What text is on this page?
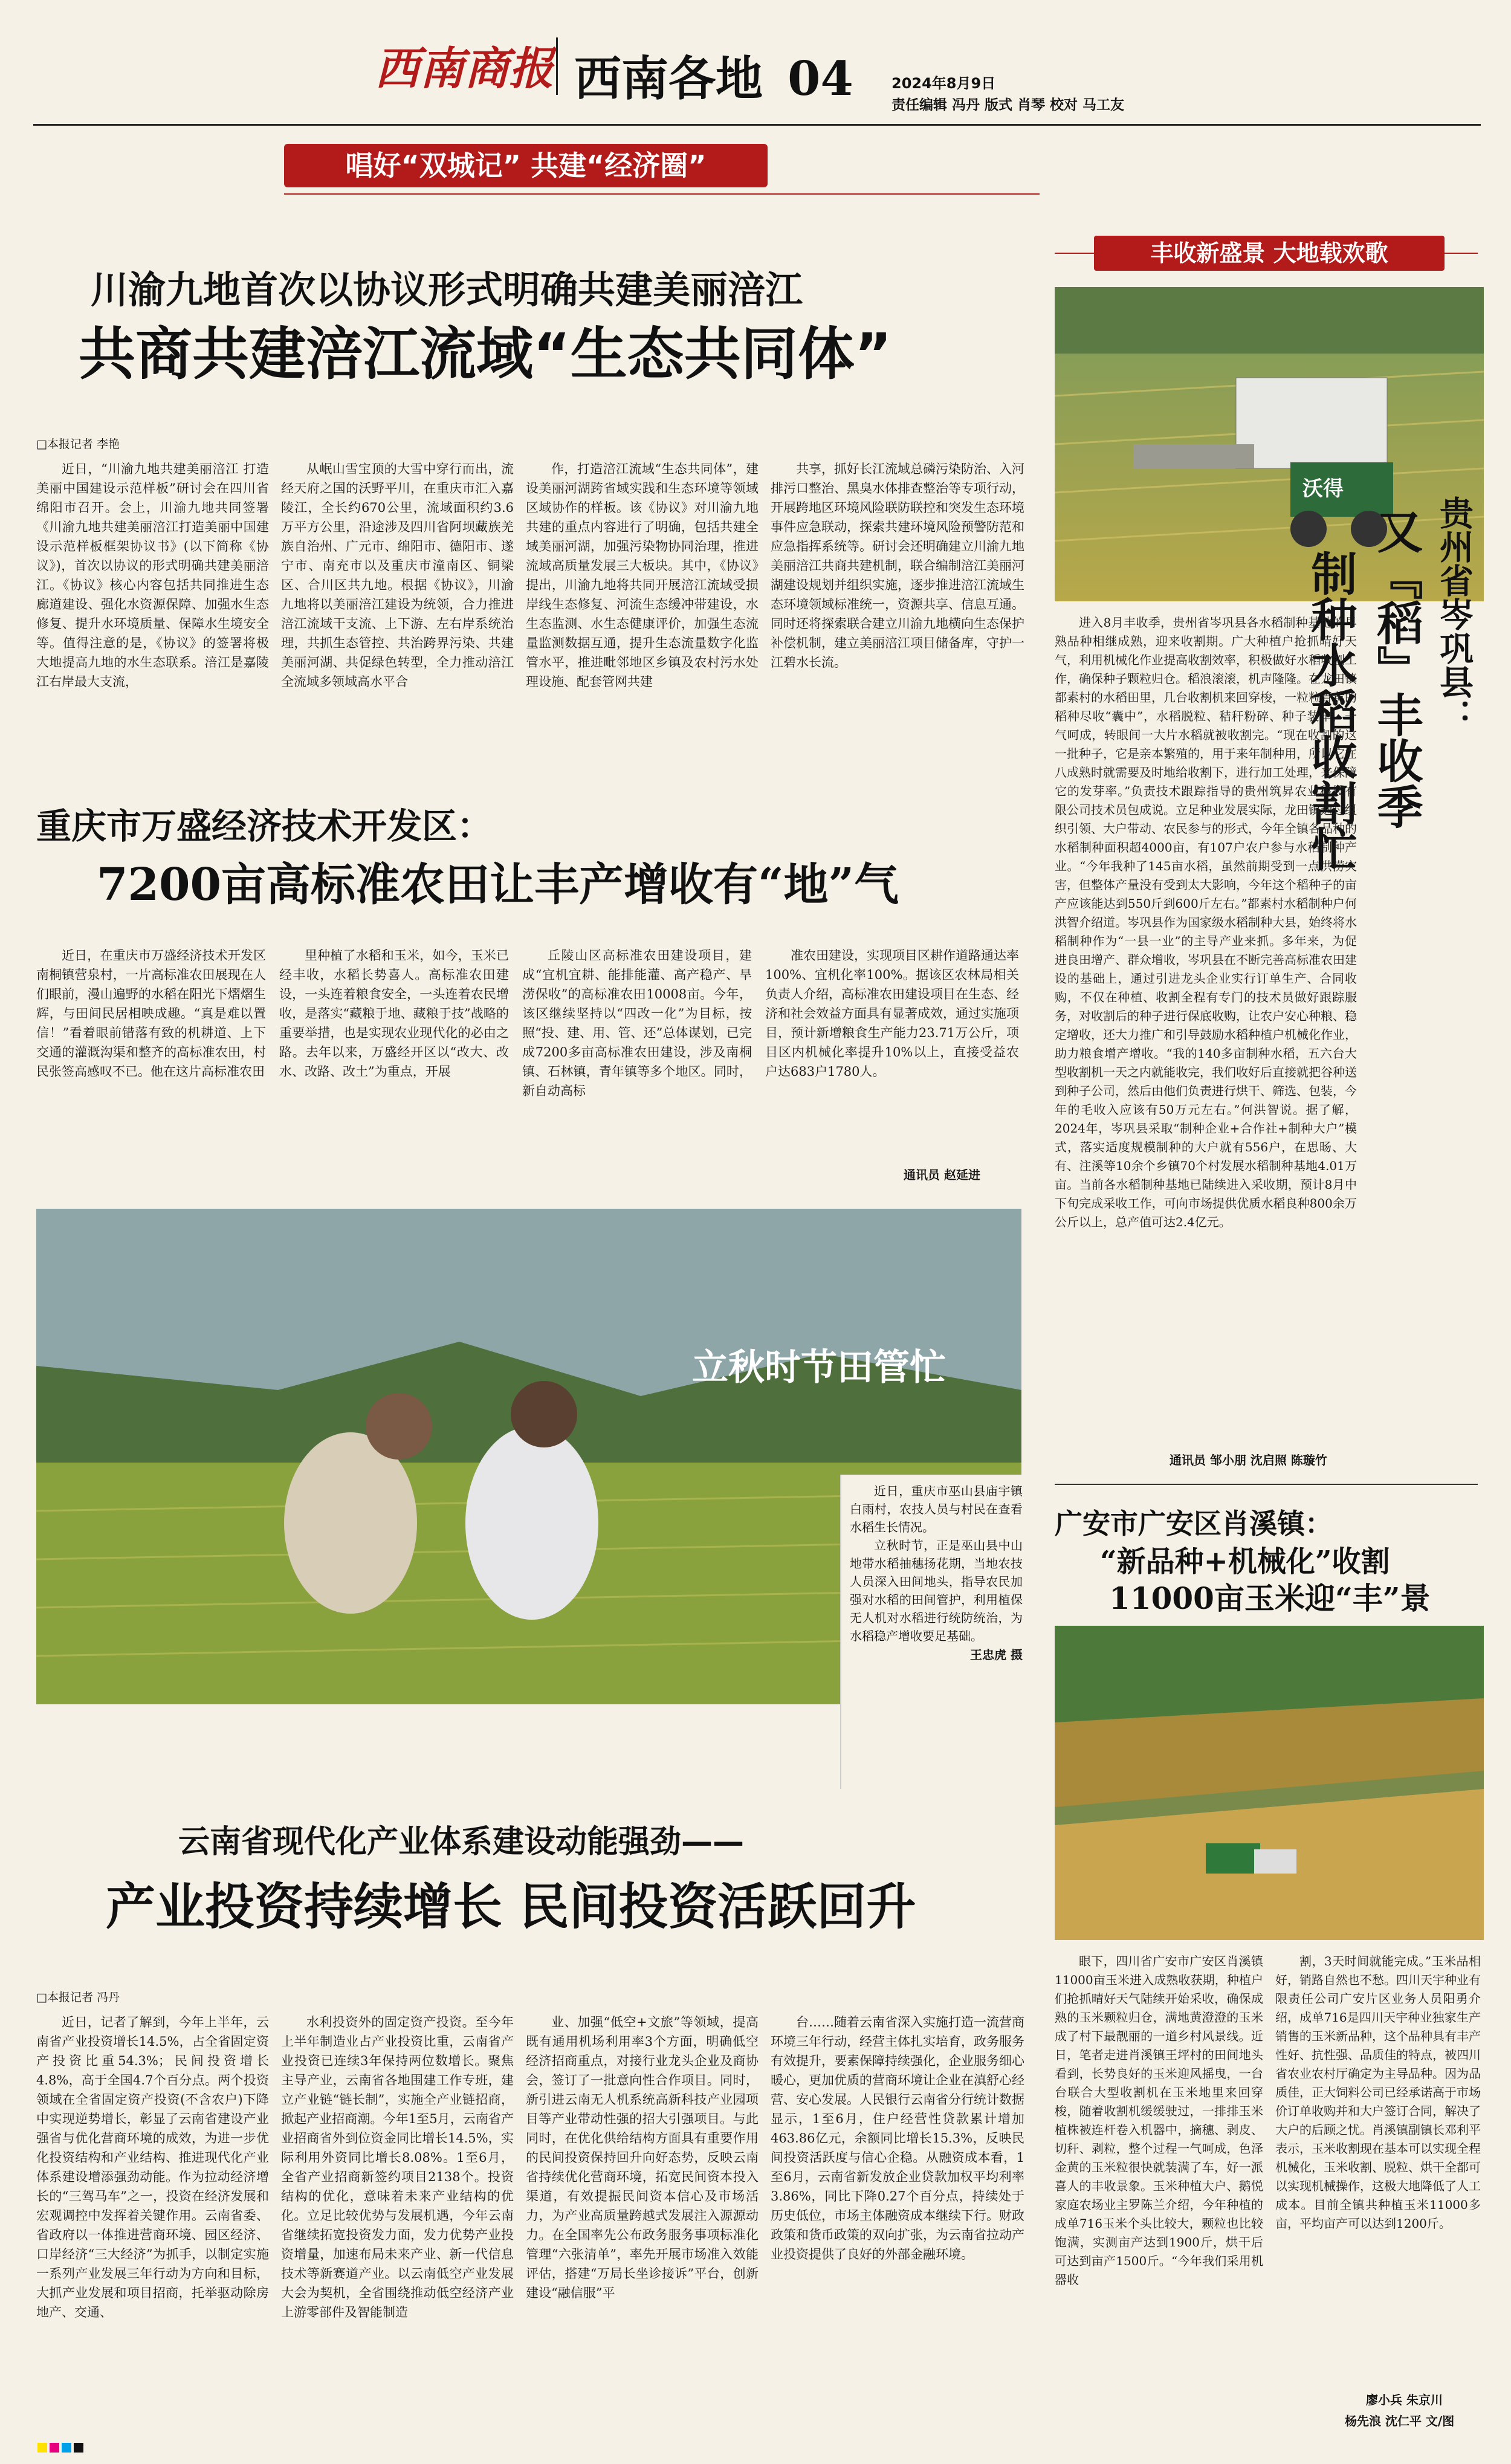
西南商报 西南各地 04	2024年8月9日
责任编辑 冯丹 版式 肖琴 校对 马工友
唱好“双城记” 共建“经济圈”
川渝九地首次以协议形式明确共建美丽涪江
共商共建涪江流域“生态共同体”
□本报记者 李艳

近日，“川渝九地共建美丽涪江 打造美丽中国建设示范样板”研讨会在四川省绵阳市召开。会上，川渝九地共同签署《川渝九地共建美丽涪江打造美丽中国建设示范样板框架协议书》(以下简称《协议》)，首次以协议的形式明确共建美丽涪江。《协议》核心内容包括共同推进生态廊道建设、强化水资源保障、加强水生态修复、提升水环境质量、保障水生境安全等。值得注意的是，《协议》的签署将极大地提高九地的水生态联系。涪江是嘉陵江右岸最大支流，

从岷山雪宝顶的大雪中穿行而出，流经天府之国的沃野平川，在重庆市汇入嘉陵江，全长约670公里，流域面积约3.6万平方公里，沿途涉及四川省阿坝藏族羌族自治州、广元市、绵阳市、德阳市、遂宁市、南充市以及重庆市潼南区、铜梁区、合川区共九地。根据《协议》，川渝九地将以美丽涪江建设为统领，合力推进涪江流域干支流、上下游、左右岸系统治理，共抓生态管控、共治跨界污染、共建美丽河湖、共促绿色转型，全力推动涪江全流域多领域高水平合

作，打造涪江流域“生态共同体”，建设美丽河湖跨省域实践和生态环境等领域区域协作的样板。该《协议》对川渝九地共建的重点内容进行了明确，包括共建全域美丽河湖，加强污染物协同治理，推进流域高质量发展三大板块。其中，《协议》提出，川渝九地将共同开展涪江流域受损岸线生态修复、河流生态缓冲带建设，水生态监测、水生态健康评价，加强生态流量监测数据互通，提升生态流量数字化监管水平，推进毗邻地区乡镇及农村污水处理设施、配套管网共建

共享，抓好长江流域总磷污染防治、入河排污口整治、黑臭水体排查整治等专项行动，开展跨地区环境风险联防联控和突发生态环境事件应急联动，探索共建环境风险预警防范和应急指挥系统等。研讨会还明确建立川渝九地美丽涪江共商共建机制，联合编制涪江美丽河湖建设规划并组织实施，逐步推进涪江流域生态环境领域标准统一，资源共享、信息互通。同时还将探索联合建立川渝九地横向生态保护补偿机制，建立美丽涪江项目储备库，守护一江碧水长流。

丰收新盛景 大地载欢歌
沃得
贵州省岑巩县：
又『稻』丰收季
制种水稻收割忙

进入8月丰收季，贵州省岑巩县各水稻制种基地的早熟品种相继成熟，迎来收割期。广大种植户抢抓晴好天气，利用机械化作业提高收割效率，积极做好水稻收割工作，确保种子颗粒归仓。稻浪滚滚，机声隆隆。在龙田镇都素村的水稻田里，几台收割机来回穿梭，一粒粒青黄的稻种尽收“囊中”，水稻脱粒、秸秆粉碎、种子装车，一气呵成，转眼间一大片水稻就被收割完。“现在收割的这一批种子，它是亲本繁殖的，用于来年制种用，所以它在八成熟时就需要及时地给收割下，进行加工处理，来保障它的发芽率。”负责技术跟踪指导的贵州筑昇农业科技有限公司技术员包成说。立足种业发展实际，龙田镇通过组织引领、大户带动、农民参与的形式，今年全镇各品种的水稻制种面积超4000亩，有107户农户参与水稻制种产业。“今年我种了145亩水稻，虽然前期受到一点洪涝灾害，但整体产量没有受到太大影响，今年这个稻种子的亩产应该能达到550斤到600斤左右。”都素村水稻制种户何洪智介绍道。岑巩县作为国家级水稻制种大县，始终将水稻制种作为“一县一业”的主导产业来抓。多年来，为促进良田增产、群众增收，岑巩县在不断完善高标准农田建设的基础上，通过引进龙头企业实行订单生产、合同收购，不仅在种植、收割全程有专门的技术员做好跟踪服务，对收割后的种子进行保底收购，让农户安心种粮、稳定增收，还大力推广和引导鼓励水稻种植户机械化作业，助力粮食增产增收。“我的140多亩制种水稻，五六台大型收割机一天之内就能收完，我们收好后直接就把谷种送到种子公司，然后由他们负责进行烘干、筛选、包装，今年的毛收入应该有50万元左右。”何洪智说。据了解，2024年，岑巩县采取“制种企业+合作社+制种大户”模式，落实适度规模制种的大户就有556户，在思旸、大有、注溪等10余个乡镇70个村发展水稻制种基地4.01万亩。当前各水稻制种基地已陆续进入采收期，预计8月中下旬完成采收工作，可向市场提供优质水稻良种800余万公斤以上，总产值可达2.4亿元。

通讯员 邹小朋 沈启照 陈璇竹
重庆市万盛经济技术开发区：
7200亩高标准农田让丰产增收有“地”气

近日，在重庆市万盛经济技术开发区南桐镇营泉村，一片高标准农田展现在人们眼前，漫山遍野的水稻在阳光下熠熠生辉，与田间民居相映成趣。“真是难以置信！”看着眼前错落有致的机耕道、上下交通的灌溉沟渠和整齐的高标准农田，村民张签高感叹不已。他在这片高标准农田

里种植了水稻和玉米，如今，玉米已经丰收，水稻长势喜人。高标准农田建设，一头连着粮食安全，一头连着农民增收，是落实“藏粮于地、藏粮于技”战略的重要举措，也是实现农业现代化的必由之路。去年以来，万盛经开区以“改大、改水、改路、改土”为重点，开展

丘陵山区高标准农田建设项目，建成“宜机宜耕、能排能灌、高产稳产、旱涝保收”的高标准农田10008亩。今年，该区继续坚持以“四改一化”为目标，按照“投、建、用、管、还”总体谋划，已完成7200多亩高标准农田建设，涉及南桐镇、石林镇，青年镇等多个地区。同时，新自动高标

准农田建设，实现项目区耕作道路通达率100%、宜机化率100%。据该区农林局相关负责人介绍，高标准农田建设项目在生态、经济和社会效益方面具有显著成效，通过实施项目，预计新增粮食生产能力23.71万公斤，项目区内机械化率提升10%以上，直接受益农户达683户1780人。

通讯员 赵延进
立秋时节田管忙

近日，重庆市巫山县庙宇镇白雨村，农技人员与村民在查看水稻生长情况。

立秋时节，正是巫山县中山地带水稻抽穗扬花期，当地农技人员深入田间地头，指导农民加强对水稻的田间管护，利用植保无人机对水稻进行统防统治，为水稻稳产增收要足基础。

王忠虎 摄
云南省现代化产业体系建设动能强劲——
产业投资持续增长 民间投资活跃回升
□本报记者 冯丹

近日，记者了解到，今年上半年，云南省产业投资增长14.5%，占全省固定资产投资比重54.3%；民间投资增长4.8%，高于全国4.7个百分点。两个投资领域在全省固定资产投资(不含农户)下降中实现逆势增长，彰显了云南省建设产业强省与优化营商环境的成效，为进一步优化投资结构和产业结构、推进现代化产业体系建设增添强劲动能。作为拉动经济增长的“三驾马车”之一，投资在经济发展和宏观调控中发挥着关键作用。云南省委、省政府以一体推进营商环境、园区经济、口岸经济“三大经济”为抓手，以制定实施一系列产业发展三年行动为方向和目标，大抓产业发展和项目招商，托举驱动除房地产、交通、

水利投资外的固定资产投资。至今年上半年制造业占产业投资比重，云南省产业投资已连续3年保持两位数增长。聚焦主导产业，云南省各地围建工作专班，建立产业链“链长制”，实施全产业链招商，掀起产业招商潮。今年1至5月，云南省产业招商省外到位资金同比增长14.5%，实际利用外资同比增长8.08%。1至6月，全省产业招商新签约项目2138个。投资结构的优化，意味着未来产业结构的优化。立足比较优势与发展机遇，今年云南省继续拓宽投资发力面，发力优势产业投资增量，加速布局未来产业、新一代信息技术等新赛道产业。以云南低空产业发展大会为契机，全省围绕推动低空经济产业上游零部件及智能制造

业、加强“低空+文旅”等领域，提高既有通用机场利用率3个方面，明确低空经济招商重点，对接行业龙头企业及商协会，签订了一批意向性合作项目。同时，新引进云南无人机系统高新科技产业园项目等产业带动性强的招大引强项目。与此同时，在优化供给结构方面具有重要作用的民间投资保持回升向好态势，反映云南省持续优化营商环境，拓宽民间资本投入渠道，有效提振民间资本信心及市场活力，为产业高质量跨越式发展注入源源动力。在全国率先公布政务服务事项标准化管理“六张清单”，率先开展市场准入效能评估，搭建“万局长坐诊接诉”平台，创新建设“融信服”平

台……随着云南省深入实施打造一流营商环境三年行动，经营主体扎实培育，政务服务有效提升，要素保障持续强化，企业服务细心暖心，更加优质的营商环境让企业在滇舒心经营、安心发展。人民银行云南省分行统计数据显示，1至6月，住户经营性贷款累计增加463.86亿元，余额同比增长15.3%，反映民间投资活跃度与信心企稳。从融资成本看，1至6月，云南省新发放企业贷款加权平均利率3.86%，同比下降0.27个百分点，持续处于历史低位，市场主体融资成本继续下行。财政政策和货币政策的双向扩张，为云南省拉动产业投资提供了良好的外部金融环境。

广安市广安区肖溪镇：
“新品种+机械化”收割
11000亩玉米迎“丰”景

眼下，四川省广安市广安区肖溪镇11000亩玉米进入成熟收获期，种植户们抢抓晴好天气陆续开始采收，确保成熟的玉米颗粒归仓，满地黄澄澄的玉米成了村下最靓丽的一道乡村风景线。近日，笔者走进肖溪镇王坪村的田间地头看到，长势良好的玉米迎风摇曳，一台台联合大型收割机在玉米地里来回穿梭，随着收割机缓缓驶过，一排排玉米植株被连杆卷入机器中，摘穗、剥皮、切秆、剥粒，整个过程一气呵成，色泽金黄的玉米粒很快就装满了车，好一派喜人的丰收景象。玉米种植大户、鹅悦家庭农场业主罗陈兰介绍，今年种植的成单716玉米个头比较大，颗粒也比较饱满，实测亩产达到1900斤，烘干后可达到亩产1500斤。“今年我们采用机器收

割，3天时间就能完成。”玉米品相好，销路自然也不愁。四川天宇种业有限责任公司广安片区业务人员阳勇介绍，成单716是四川天宇种业独家生产销售的玉米新品种，这个品种具有丰产性好、抗性强、品质佳的特点，被四川省农业农村厅确定为主导品种。因为品质佳，正大饲料公司已经承诺高于市场价订单收购并和大户签订合同，解决了大户的后顾之忧。肖溪镇副镇长邓利平表示，玉米收割现在基本可以实现全程机械化，玉米收割、脱粒、烘干全都可以实现机械操作，这极大地降低了人工成本。目前全镇共种植玉米11000多亩，平均亩产可以达到1200斤。

廖小兵 朱京川
杨先浪 沈仁平 文/图
